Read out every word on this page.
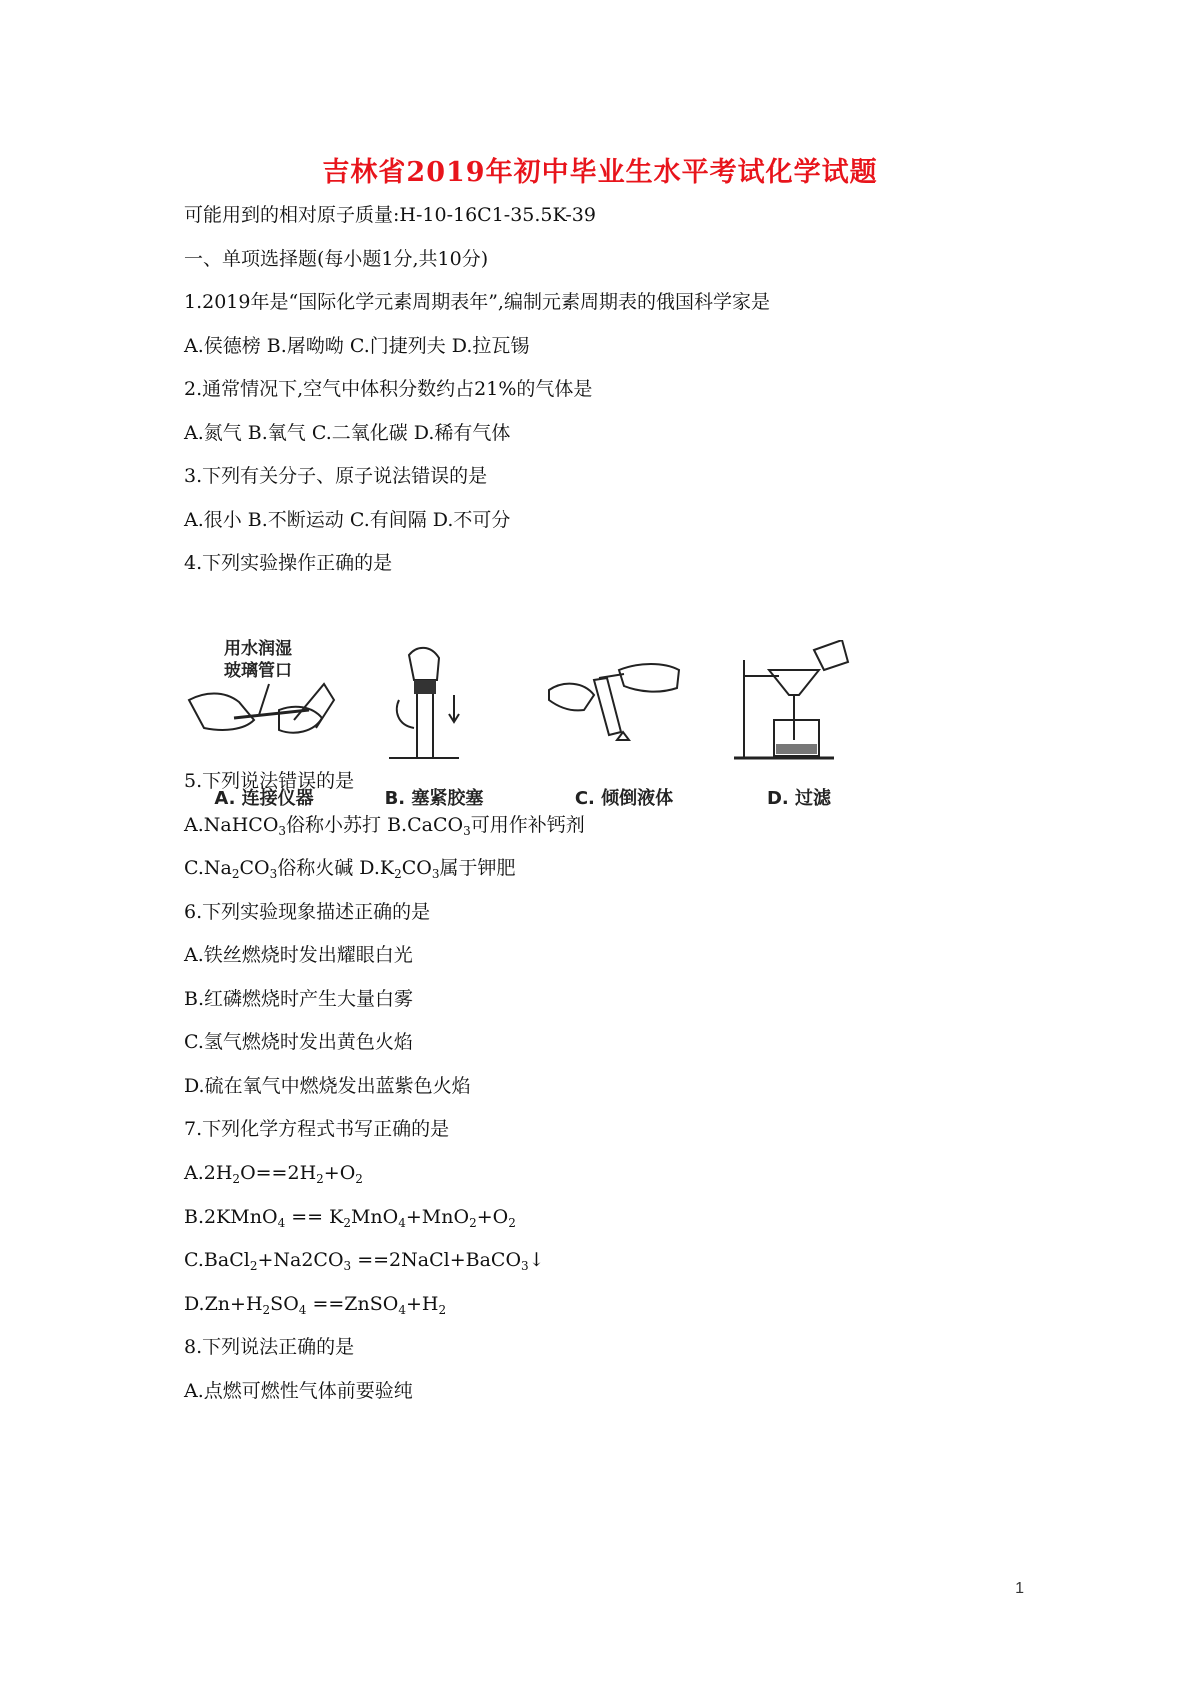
吉林省2019年初中毕业生水平考试化学试题
可能用到的相对原子质量:H-10-16C1-35.5K-39
一、单项选择题(每小题1分,共10分)
1.2019年是“国际化学元素周期表年”,编制元素周期表的俄国科学家是
A.侯德榜 B.屠呦呦 C.门捷列夫 D.拉瓦锡
2.通常情况下,空气中体积分数约占21%的气体是
A.氮气 B.氧气 C.二氧化碳 D.稀有气体
3.下列有关分子、原子说法错误的是
A.很小 B.不断运动 C.有间隔 D.不可分
4.下列实验操作正确的是
用水润湿
玻璃管口
A. 连接仪器	B. 塞紧胶塞	C. 倾倒液体	D. 过滤
5.下列说法错误的是
A.NaHCO$_3$俗称小苏打 B.CaCO$_3$可用作补钙剂
$C.Na_2CO_3$俗称火碱 $D.K_2CO_3$属于钾肥
6.下列实验现象描述正确的是
A.铁丝燃烧时发出耀眼白光
B.红磷燃烧时产生大量白雾
C.氢气燃烧时发出黄色火焰
D.硫在氧气中燃烧发出蓝紫色火焰
7.下列化学方程式书写正确的是
$A.2H_2O==2H_2+O_2$
B.2KMnO$_4$ == $K_2MnO_4+MnO_2+O_2$
$C.BaCl_2+Na2CO_3$ ==2NaCl+BaCO$_3$↓
$D.Zn+H_2SO_4$ $==ZnSO_4+H_2$
8.下列说法正确的是
A.点燃可燃性气体前要验纯
1
